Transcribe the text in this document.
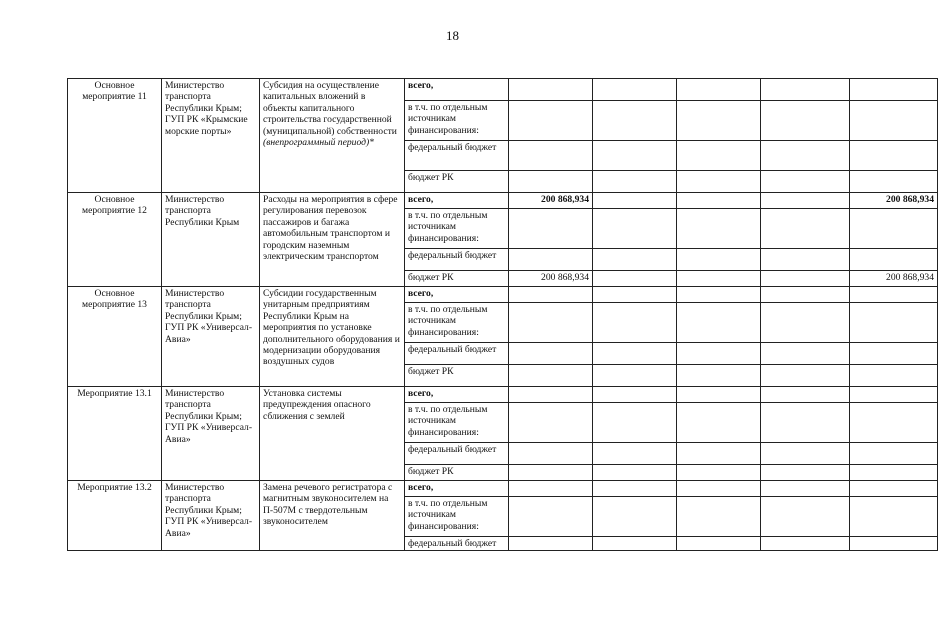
18
Основное мероприятие 11	Министерство транспорта Республики Крым; ГУП РК «Крымские морские порты»	Субсидия на осуществление капитальных вложений в объекты капитального строительства государственной (муниципальной) собственности (внепрограммный период)*	всего,					
			в т.ч. по отдельным источникам финансирования:					
			федеральный бюджет					
			бюджет РК					
Основное мероприятие 12	Министерство транспорта Республики Крым	Расходы на мероприятия в сфере регулирования перевозок пассажиров и багажа автомобильным транспортом и городским наземным электрическим транспортом	всего,	200 868,934				200 868,934
			в т.ч. по отдельным источникам финансирования:					
			федеральный бюджет					
			бюджет РК	200 868,934				200 868,934
Основное мероприятие 13	Министерство транспорта Республики Крым; ГУП РК «Универсал-Авиа»	Субсидии государственным унитарным предприятиям Республики Крым на мероприятия по установке дополнительного оборудования и модернизации оборудования воздушных судов	всего,					
			в т.ч. по отдельным источникам финансирования:					
			федеральный бюджет					
			бюджет РК					
Мероприятие 13.1	Министерство транспорта Республики Крым; ГУП РК «Универсал-Авиа»	Установка системы предупреждения опасного сближения с землей	всего,					
			в т.ч. по отдельным источникам финансирования:					
			федеральный бюджет					
			бюджет РК					
Мероприятие 13.2	Министерство транспорта Республики Крым; ГУП РК «Универсал-Авиа»	Замена речевого регистратора с магнитным звуконосителем на П-507М с твердотельным звуконосителем	всего,					
			в т.ч. по отдельным источникам финансирования:					
			федеральный бюджет					
